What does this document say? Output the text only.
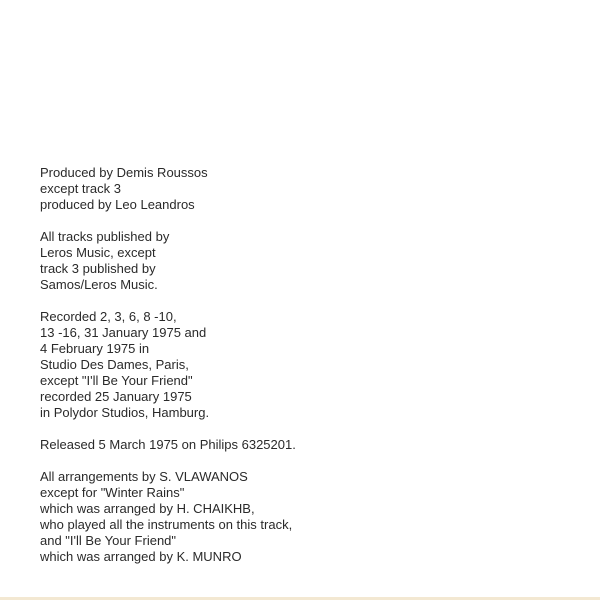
Produced by Demis Roussos
except track 3
produced by Leo Leandros
All tracks published by
Leros Music, except
track 3 published by
Samos/Leros Music.
Recorded 2, 3, 6, 8 -10,
13 -16, 31 January 1975 and
4 February 1975 in
Studio Des Dames, Paris,
except "I'll Be Your Friend"
recorded 25 January 1975
in Polydor Studios, Hamburg.
Released 5 March 1975 on Philips 6325201.
All arrangements by S. VLAWANOS
except for "Winter Rains"
which was arranged by H. CHAIKHB,
who played all the instruments on this track,
and "I'll Be Your Friend"
which was arranged by K. MUNRO
